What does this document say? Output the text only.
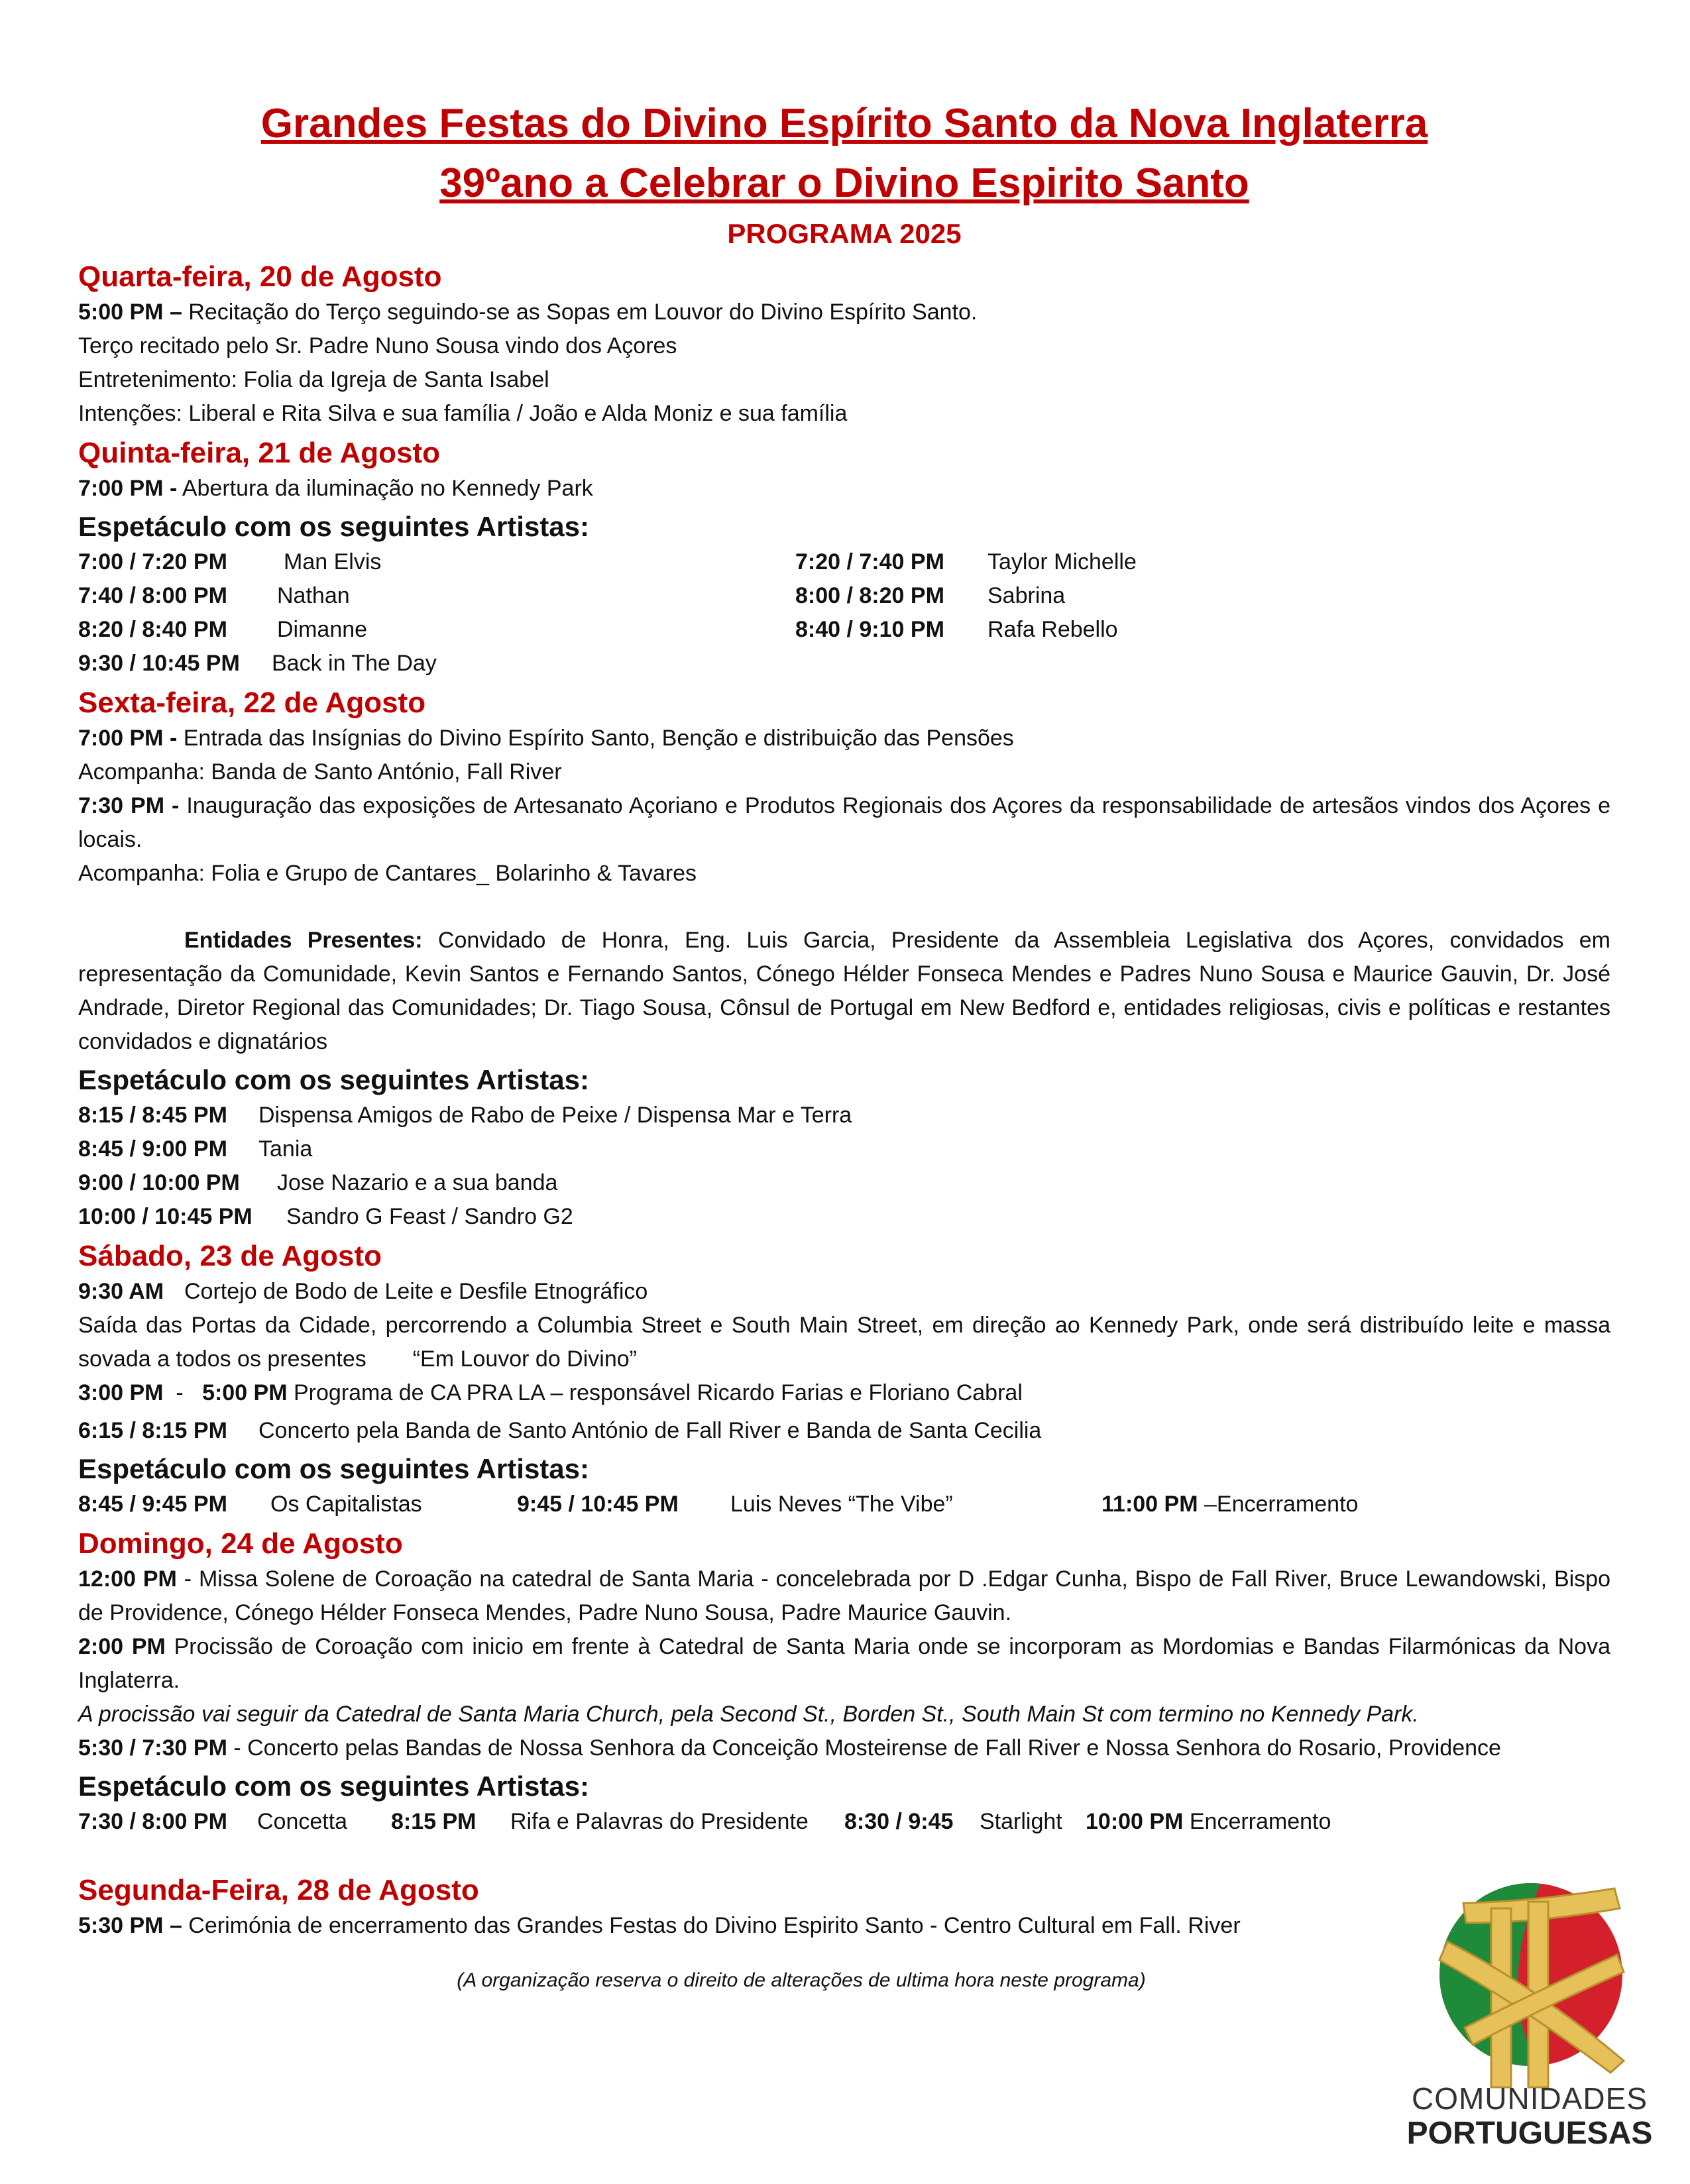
Grandes Festas do Divino Espírito Santo da Nova Inglaterra

39ºano a Celebrar o Divino Espirito Santo

PROGRAMA 2025

Quarta-feira, 20 de Agosto

5:00 PM – Recitação do Terço seguindo-se as Sopas em Louvor do Divino Espírito Santo.

Terço recitado pelo Sr. Padre Nuno Sousa vindo dos Açores

Entretenimento: Folia da Igreja de Santa Isabel

Intenções: Liberal e Rita Silva e sua família / João e Alda Moniz e sua família

Quinta-feira, 21 de Agosto

7:00 PM - Abertura da iluminação no Kennedy Park

Espetáculo com os seguintes Artistas:

7:00 / 7:20 PM	Man Elvis	7:20 / 7:40 PM Taylor Michelle
7:40 / 8:00 PM Nathan	8:00 / 8:20 PM Sabrina
8:20 / 8:40 PM Dimanne	8:40 / 9:10 PM Rafa Rebello
9:30 / 10:45 PM Back in The Day

Sexta-feira, 22 de Agosto

7:00 PM - Entrada das Insígnias do Divino Espírito Santo, Benção e distribuição das Pensões

Acompanha: Banda de Santo António, Fall River

7:30 PM - Inauguração das exposições de Artesanato Açoriano e Produtos Regionais dos Açores da responsabilidade de artesãos vindos dos Açores e locais.

Acompanha: Folia e Grupo de Cantares_ Bolarinho & Tavares

Entidades Presentes: Convidado de Honra, Eng. Luis Garcia, Presidente da Assembleia Legislativa dos Açores, convidados em representação da Comunidade, Kevin Santos e Fernando Santos, Cónego Hélder Fonseca Mendes e Padres Nuno Sousa e Maurice Gauvin, Dr. José Andrade, Diretor Regional das Comunidades; Dr. Tiago Sousa, Cônsul de Portugal em New Bedford e, entidades religiosas, civis e políticas e restantes convidados e dignatários

Espetáculo com os seguintes Artistas:

8:15 / 8:45 PM Dispensa Amigos de Rabo de Peixe / Dispensa Mar e Terra
8:45 / 9:00 PM Tania
9:00 / 10:00 PM Jose Nazario e a sua banda
10:00 / 10:45 PM Sandro G Feast / Sandro G2

Sábado, 23 de Agosto

9:30 AM Cortejo de Bodo de Leite e Desfile Etnográfico

Saída das Portas da Cidade, percorrendo a Columbia Street e South Main Street, em direção ao Kennedy Park, onde será distribuído leite e massa sovada a todos os presentes “Em Louvor do Divino”

3:00 PM  -   5:00 PM Programa de CA PRA LA – responsável Ricardo Farias e Floriano Cabral

6:15 / 8:15 PM Concerto pela Banda de Santo António de Fall River e Banda de Santa Cecilia

Espetáculo com os seguintes Artistas:

8:45 / 9:45 PM Os Capitalistas	9:45 / 10:45 PM Luis Neves “The Vibe”	11:00 PM –Encerramento

Domingo, 24 de Agosto

12:00 PM - Missa Solene de Coroação na catedral de Santa Maria - concelebrada por D .Edgar Cunha, Bispo de Fall River, Bruce Lewandowski, Bispo de Providence, Cónego Hélder Fonseca Mendes, Padre Nuno Sousa, Padre Maurice Gauvin.

2:00 PM Procissão de Coroação com inicio em frente à Catedral de Santa Maria onde se incorporam as Mordomias e Bandas Filarmónicas da Nova Inglaterra.

A procissão vai seguir da Catedral de Santa Maria Church, pela Second St., Borden St., South Main St com termino no Kennedy Park.

5:30 / 7:30 PM - Concerto pelas Bandas de Nossa Senhora da Conceição Mosteirense de Fall River e Nossa Senhora do Rosario, Providence

Espetáculo com os seguintes Artistas:

7:30 / 8:00 PM Concetta 8:15 PM Rifa e Palavras do Presidente 8:30 / 9:45 Starlight 10:00 PM Encerramento

Segunda-Feira, 28 de Agosto

5:30 PM – Cerimónia de encerramento das Grandes Festas do Divino Espirito Santo - Centro Cultural em Fall. River

(A organização reserva o direito de alterações de ultima hora neste programa)

COMUNIDADES
PORTUGUESAS
